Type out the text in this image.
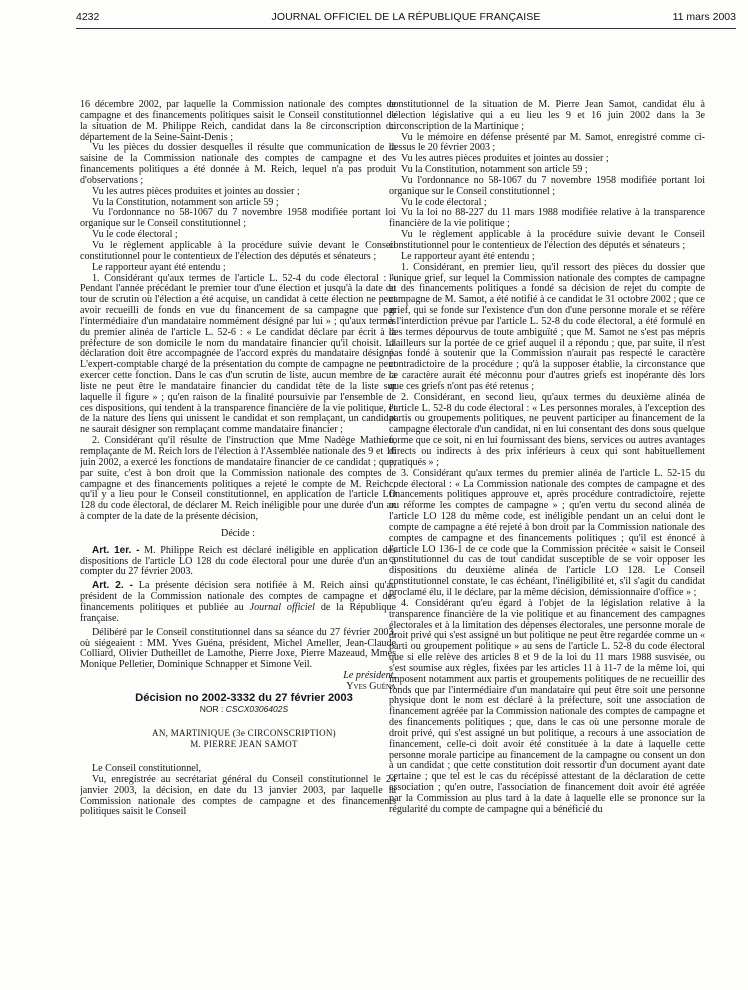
4232	JOURNAL OFFICIEL DE LA RÉPUBLIQUE FRANÇAISE	11 mars 2003

16 décembre 2002, par laquelle la Commission nationale des comptes de campagne et des financements politiques saisit le Conseil constitutionnel de la situation de M. Philippe Reich, candidat dans la 8e circonscription du département de la Seine-Saint-Denis ;

Vu les pièces du dossier desquelles il résulte que communication de la saisine de la Commission nationale des comptes de campagne et des financements politiques a été donnée à M. Reich, lequel n'a pas produit d'observations ;

Vu les autres pièces produites et jointes au dossier ;

Vu la Constitution, notamment son article 59 ;

Vu l'ordonnance no 58-1067 du 7 novembre 1958 modifiée portant loi organique sur le Conseil constitutionnel ;

Vu le code électoral ;

Vu le règlement applicable à la procédure suivie devant le Conseil constitutionnel pour le contentieux de l'élection des députés et sénateurs ;

Le rapporteur ayant été entendu ;

1. Considérant qu'aux termes de l'article L. 52-4 du code électoral : « Pendant l'année précédant le premier tour d'une élection et jusqu'à la date du tour de scrutin où l'élection a été acquise, un candidat à cette élection ne peut avoir recueilli de fonds en vue du financement de sa campagne que par l'intermédiaire d'un mandataire nommément désigné par lui » ; qu'aux termes du premier alinéa de l'article L. 52-6 : « Le candidat déclare par écrit à la préfecture de son domicile le nom du mandataire financier qu'il choisit. La déclaration doit être accompagnée de l'accord exprès du mandataire désigné. L'expert-comptable chargé de la présentation du compte de campagne ne peut exercer cette fonction. Dans le cas d'un scrutin de liste, aucun membre de la liste ne peut être le mandataire financier du candidat tête de la liste sur laquelle il figure » ; qu'en raison de la finalité poursuivie par l'ensemble de ces dispositions, qui tendent à la transparence financière de la vie politique, et de la nature des liens qui unissent le candidat et son remplaçant, un candidat ne saurait désigner son remplaçant comme mandataire financier ;

2. Considérant qu'il résulte de l'instruction que Mme Nadège Mathieu, remplaçante de M. Reich lors de l'élection à l'Assemblée nationale des 9 et 16 juin 2002, a exercé les fonctions de mandataire financier de ce candidat ; que, par suite, c'est à bon droit que la Commission nationale des comptes de campagne et des financements politiques a rejeté le compte de M. Reich ; qu'il y a lieu pour le Conseil constitutionnel, en application de l'article LO 128 du code électoral, de déclarer M. Reich inéligible pour une durée d'un an à compter de la date de la présente décision,

Décide :

Art. 1er. - M. Philippe Reich est déclaré inéligible en application des dispositions de l'article LO 128 du code électoral pour une durée d'un an à compter du 27 février 2003.

Art. 2. - La présente décision sera notifiée à M. Reich ainsi qu'au président de la Commission nationale des comptes de campagne et des financements politiques et publiée au Journal officiel de la République française.

Délibéré par le Conseil constitutionnel dans sa séance du 27 février 2003, où siégeaient : MM. Yves Guéna, président, Michel Ameller, Jean-Claude Colliard, Olivier Dutheillet de Lamothe, Pierre Joxe, Pierre Mazeaud, Mmes Monique Pelletier, Dominique Schnapper et Simone Veil.

Le président,

Yves Guéna

Décision no 2002-3332 du 27 février 2003

NOR : CSCX0306402S

AN, MARTINIQUE (3e CIRCONSCRIPTION)

M. PIERRE JEAN SAMOT

Le Conseil constitutionnel,

Vu, enregistrée au secrétariat général du Conseil constitutionnel le 24 janvier 2003, la décision, en date du 13 janvier 2003, par laquelle la Commission nationale des comptes de campagne et des financements politiques saisit le Conseil

constitutionnel de la situation de M. Pierre Jean Samot, candidat élu à l'élection législative qui a eu lieu les 9 et 16 juin 2002 dans la 3e circonscription de la Martinique ;

Vu le mémoire en défense présenté par M. Samot, enregistré comme ci-dessus le 20 février 2003 ;

Vu les autres pièces produites et jointes au dossier ;

Vu la Constitution, notamment son article 59 ;

Vu l'ordonnance no 58-1067 du 7 novembre 1958 modifiée portant loi organique sur le Conseil constitutionnel ;

Vu le code électoral ;

Vu la loi no 88-227 du 11 mars 1988 modifiée relative à la transparence financière de la vie politique ;

Vu le règlement applicable à la procédure suivie devant le Conseil constitutionnel pour le contentieux de l'élection des députés et sénateurs ;

Le rapporteur ayant été entendu ;

1. Considérant, en premier lieu, qu'il ressort des pièces du dossier que l'unique grief, sur lequel la Commission nationale des comptes de campagne et des financements politiques a fondé sa décision de rejet du compte de campagne de M. Samot, a été notifié à ce candidat le 31 octobre 2002 ; que ce grief, qui se fonde sur l'existence d'un don d'une personne morale et se réfère à l'interdiction prévue par l'article L. 52-8 du code électoral, a été formulé en des termes dépourvus de toute ambiguïté ; que M. Samot ne s'est pas mépris d'ailleurs sur la portée de ce grief auquel il a répondu ; que, par suite, il n'est pas fondé à soutenir que la Commission n'aurait pas respecté le caractère contradictoire de la procédure ; qu'à la supposer établie, la circonstance que ce caractère aurait été méconnu pour d'autres griefs est inopérante dès lors que ces griefs n'ont pas été retenus ;

2. Considérant, en second lieu, qu'aux termes du deuxième alinéa de l'article L. 52-8 du code électoral : « Les personnes morales, à l'exception des partis ou groupements politiques, ne peuvent participer au financement de la campagne électorale d'un candidat, ni en lui consentant des dons sous quelque forme que ce soit, ni en lui fournissant des biens, services ou autres avantages directs ou indirects à des prix inférieurs à ceux qui sont habituellement pratiqués » ;

3. Considérant qu'aux termes du premier alinéa de l'article L. 52-15 du code électoral : « La Commission nationale des comptes de campagne et des financements politiques approuve et, après procédure contradictoire, rejette ou réforme les comptes de campagne » ; qu'en vertu du second alinéa de l'article LO 128 du même code, est inéligible pendant un an celui dont le compte de campagne a été rejeté à bon droit par la Commission nationale des comptes de campagne et des financements politiques ; qu'il est énoncé à l'article LO 136-1 de ce code que la Commission précitée « saisit le Conseil constitutionnel du cas de tout candidat susceptible de se voir opposer les dispositions du deuxième alinéa de l'article LO 128. Le Conseil constitutionnel constate, le cas échéant, l'inéligibilité et, s'il s'agit du candidat proclamé élu, il le déclare, par la même décision, démissionnaire d'office » ;

4. Considérant qu'eu égard à l'objet de la législation relative à la transparence financière de la vie politique et au financement des campagnes électorales et à la limitation des dépenses électorales, une personne morale de droit privé qui s'est assigné un but politique ne peut être regardée comme un « parti ou groupement politique » au sens de l'article L. 52-8 du code électoral que si elle relève des articles 8 et 9 de la loi du 11 mars 1988 susvisée, ou s'est soumise aux règles, fixées par les articles 11 à 11-7 de la même loi, qui imposent notamment aux partis et groupements politiques de ne recueillir des fonds que par l'intermédiaire d'un mandataire qui peut être soit une personne physique dont le nom est déclaré à la préfecture, soit une association de financement agréée par la Commission nationale des comptes de campagne et des financements politiques ; que, dans le cas où une personne morale de droit privé, qui s'est assigné un but politique, a recours à une association de financement, celle-ci doit avoir été constituée à la date à laquelle cette personne morale participe au financement de la campagne ou consent un don à un candidat ; que cette constitution doit ressortir d'un document ayant date certaine ; que tel est le cas du récépissé attestant de la déclaration de cette association ; qu'en outre, l'association de financement doit avoir été agréée par la Commission au plus tard à la date à laquelle elle se prononce sur la régularité du compte de campagne qui a bénéficié du
